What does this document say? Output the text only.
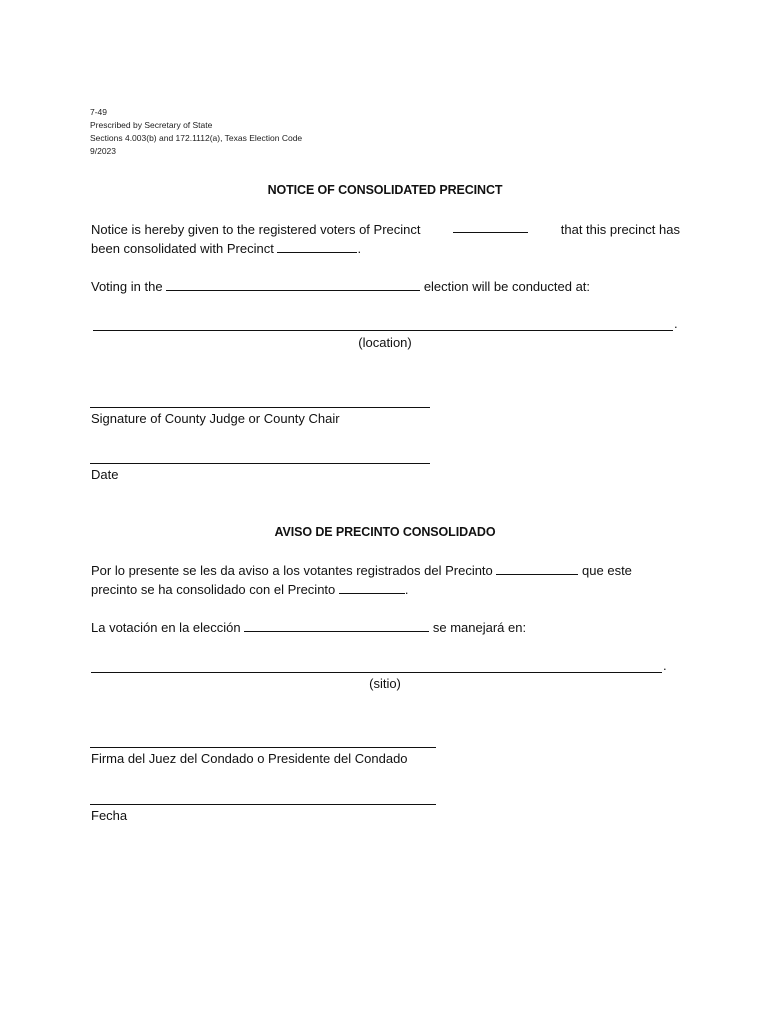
7-49
Prescribed by Secretary of State
Sections 4.003(b) and 172.1112(a), Texas Election Code
9/2023
NOTICE OF CONSOLIDATED PRECINCT
Notice is hereby given to the registered voters of Precinct	that this precinct has
been consolidated with Precinct	.
Voting in the	election will be conducted at:
.
(location)
Signature of County Judge or County Chair
Date
AVISO DE PRECINTO CONSOLIDADO
Por lo presente se les da aviso a los votantes registrados del Precinto	que este
precinto se ha consolidado con el Precinto	.
La votación en la elección	se manejará en:
.
(sitio)
Firma del Juez del Condado o Presidente del Condado
Fecha
